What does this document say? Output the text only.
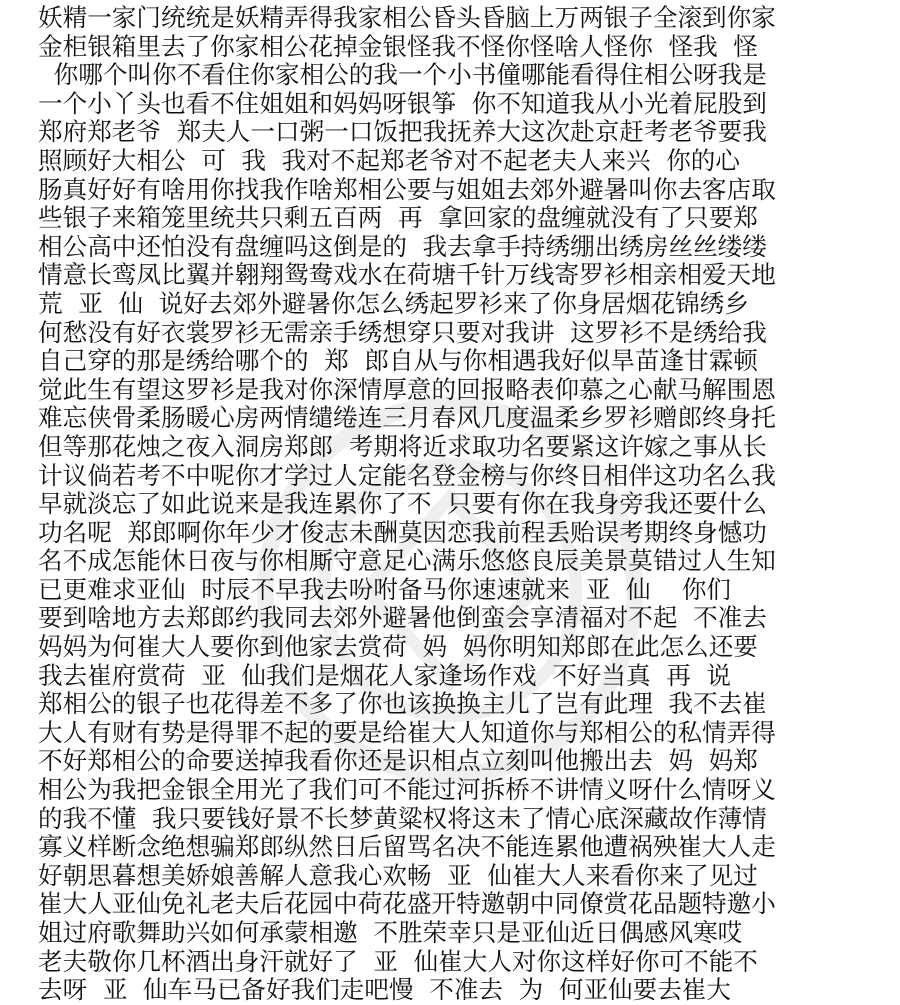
妖精一家门统统是妖精弄得我家相公昏头昏脑上万两银子全滚到你家
金柜银箱里去了你家相公花掉金银怪我不怪你怪啥人怪你  怪我  怪
你哪个叫你不看住你家相公的我一个小书僮哪能看得住相公呀我是
一个小丫头也看不住姐姐和妈妈呀银筝  你不知道我从小光着屁股到
郑府郑老爷  郑夫人一口粥一口饭把我抚养大这次赴京赶考老爷要我
照顾好大相公  可  我  我对不起郑老爷对不起老夫人来兴  你的心
肠真好好有啥用你找我作啥郑相公要与姐姐去郊外避暑叫你去客店取
些银子来箱笼里统共只剩五百两  再  拿回家的盘缠就没有了只要郑
相公高中还怕没有盘缠吗这倒是的  我去拿手持绣绷出绣房丝丝缕缕
情意长鸾凤比翼并翱翔鸳鸯戏水在荷塘千针万线寄罗衫相亲相爱天地
荒  亚  仙  说好去郊外避暑你怎么绣起罗衫来了你身居烟花锦绣乡
何愁没有好衣裳罗衫无需亲手绣想穿只要对我讲  这罗衫不是绣给我
自己穿的那是绣给哪个的  郑  郎自从与你相遇我好似旱苗逢甘霖顿
觉此生有望这罗衫是我对你深情厚意的回报略表仰慕之心献马解围恩
难忘侠骨柔肠暖心房两情缱绻连三月春风几度温柔乡罗衫赠郎终身托
但等那花烛之夜入洞房郑郎  考期将近求取功名要紧这许嫁之事从长
计议倘若考不中呢你才学过人定能名登金榜与你终日相伴这功名么我
早就淡忘了如此说来是我连累你了不  只要有你在我身旁我还要什么
功名呢  郑郎啊你年少才俊志未酬莫因恋我前程丢贻误考期终身憾功
名不成怎能休日夜与你相厮守意足心满乐悠悠良辰美景莫错过人生知
已更难求亚仙  时辰不早我去吩咐备马你速速就来  亚  仙    你们
要到啥地方去郑郎约我同去郊外避暑他倒蛮会享清福对不起  不准去
妈妈为何崔大人要你到他家去赏荷  妈  妈你明知郑郎在此怎么还要
我去崔府赏荷  亚  仙我们是烟花人家逢场作戏  不好当真  再  说
郑相公的银子也花得差不多了你也该换换主儿了岂有此理  我不去崔
大人有财有势是得罪不起的要是给崔大人知道你与郑相公的私情弄得
不好郑相公的命要送掉我看你还是识相点立刻叫他搬出去  妈  妈郑
相公为我把金银全用光了我们可不能过河拆桥不讲情义呀什么情呀义
的我不懂  我只要钱好景不长梦黄粱权将这未了情心底深藏故作薄情
寡义样断念绝想骗郑郎纵然日后留骂名决不能连累他遭祸殃崔大人走
好朝思暮想美娇娘善解人意我心欢畅  亚  仙崔大人来看你来了见过
崔大人亚仙免礼老夫后花园中荷花盛开特邀朝中同僚赏花品题特邀小
姐过府歌舞助兴如何承蒙相邀  不胜荣幸只是亚仙近日偶感风寒哎
老夫敬你几杯酒出身汗就好了  亚  仙崔大人对你这样好你可不能不
去呀  亚  仙车马已备好我们走吧慢  不准去  为  何亚仙要去崔大
